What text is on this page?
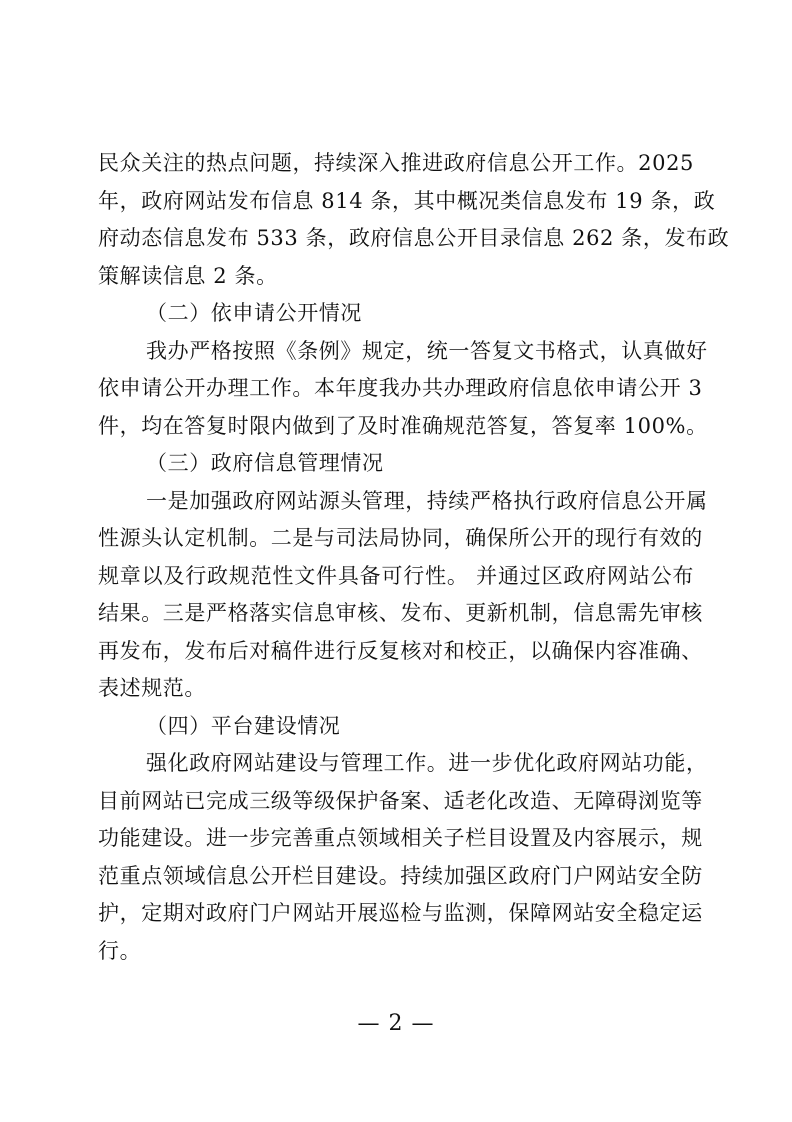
民众关注的热点问题，持续深入推进政府信息公开工作。2025
年，政府网站发布信息 814 条，其中概况类信息发布 19 条，政
府动态信息发布 533 条，政府信息公开目录信息 262 条，发布政
策解读信息 2 条。
（二）依申请公开情况
我办严格按照《条例》规定，统一答复文书格式，认真做好
依申请公开办理工作。本年度我办共办理政府信息依申请公开 3
件，均在答复时限内做到了及时准确规范答复，答复率 100%。
（三）政府信息管理情况
一是加强政府网站源头管理，持续严格执行政府信息公开属
性源头认定机制。二是与司法局协同，确保所公开的现行有效的
规章以及行政规范性文件具备可行性。 并通过区政府网站公布
结果。三是严格落实信息审核、发布、更新机制，信息需先审核
再发布，发布后对稿件进行反复核对和校正，以确保内容准确、
表述规范。
（四）平台建设情况
强化政府网站建设与管理工作。进一步优化政府网站功能，
目前网站已完成三级等级保护备案、适老化改造、无障碍浏览等
功能建设。进一步完善重点领域相关子栏目设置及内容展示，规
范重点领域信息公开栏目建设。持续加强区政府门户网站安全防
护，定期对政府门户网站开展巡检与监测，保障网站安全稳定运
行。
— 2 —
